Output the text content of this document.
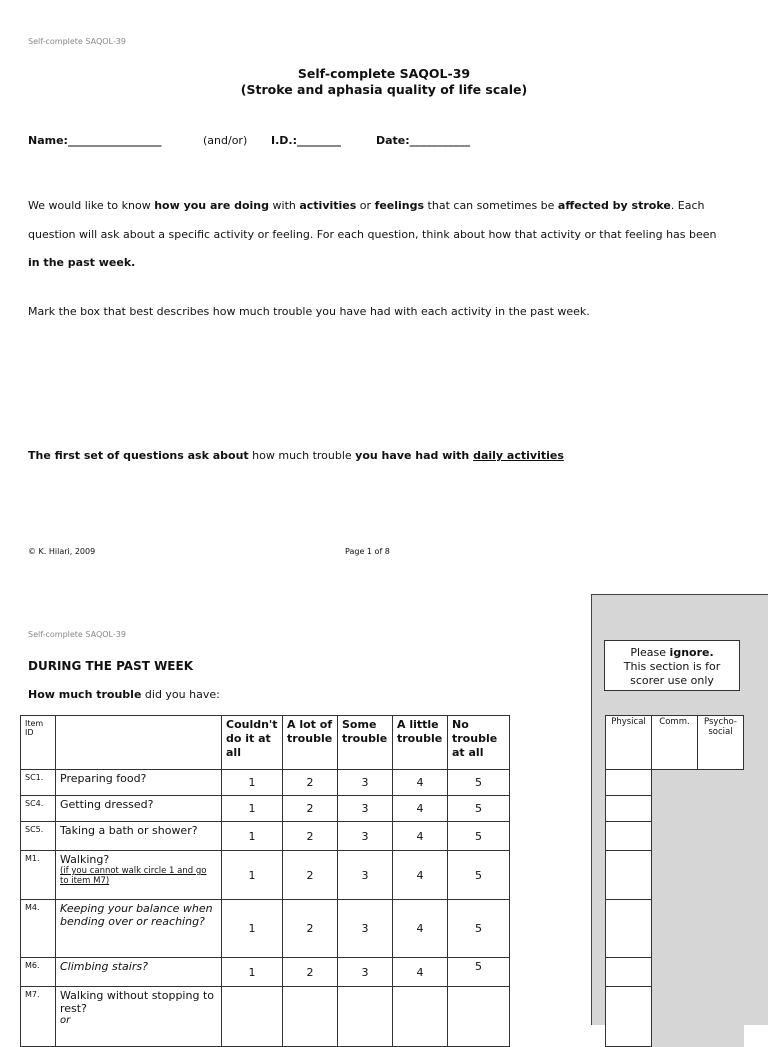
Self-complete SAQOL-39
Self-complete SAQOL-39
(Stroke and aphasia quality of life scale)
Name:_________________	(and/or) I.D.:________	Date:___________
We would like to know how you are doing with activities or feelings that can sometimes be affected by stroke. Each question will ask about a specific activity or feeling. For each question, think about how that activity or that feeling has been in the past week.
Mark the box that best describes how much trouble you have had with each activity in the past week.
The first set of questions ask about how much trouble you have had with daily activities
© K. Hilari, 2009	Page 1 of 8
Self-complete SAQOL-39
DURING THE PAST WEEK
How much trouble did you have:
Please ignore.
This section is for
scorer use only
Physical	Comm.	Psycho-social

Item ID		Couldn't do it at all	A lot of trouble	Some trouble	A little trouble	No trouble at all
SC1.	Preparing food?	1	2	3	4	5
SC4.	Getting dressed?	1	2	3	4	5
SC5.	Taking a bath or shower?	1	2	3	4	5
M1.	Walking?
(if you cannot walk circle 1 and go to item M7)	1	2	3	4	5
M4.	Keeping your balance when bending over or reaching?	1	2	3	4	5
M6.	Climbing stairs?	1	2	3	4	5
M7.	Walking without stopping to rest?
or					
